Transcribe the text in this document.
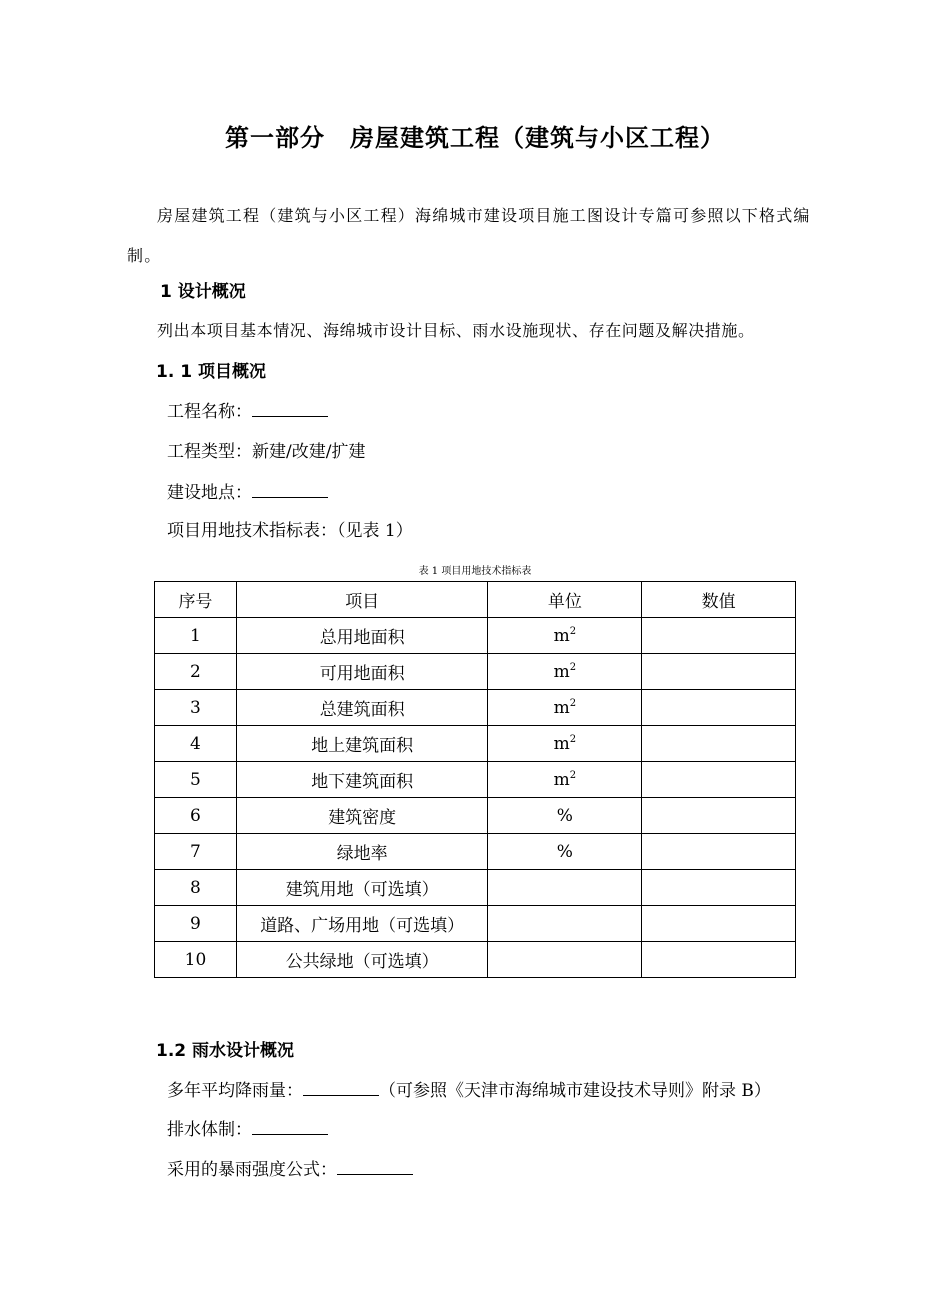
第一部分　房屋建筑工程（建筑与小区工程）
房屋建筑工程（建筑与小区工程）海绵城市建设项目施工图设计专篇可参照以下格式编制。
1 设计概况
列出本项目基本情况、海绵城市设计目标、雨水设施现状、存在问题及解决措施。
1. 1 项目概况
工程名称：
工程类型：新建/改建/扩建
建设地点：
项目用地技术指标表：（见表 1）
表 1 项目用地技术指标表
序号	项目	单位	数值
1	总用地面积	$m^2$	
2	可用地面积	$m^2$	
3	总建筑面积	$m^2$	
4	地上建筑面积	$m^2$	
5	地下建筑面积	$m^2$	
6	建筑密度	%	
7	绿地率	%	
8	建筑用地（可选填）		
9	道路、广场用地（可选填）		
10	公共绿地（可选填）		
1.2 雨水设计概况
多年平均降雨量：	（可参照《天津市海绵城市建设技术导则》附录 B）
排水体制：
采用的暴雨强度公式：
